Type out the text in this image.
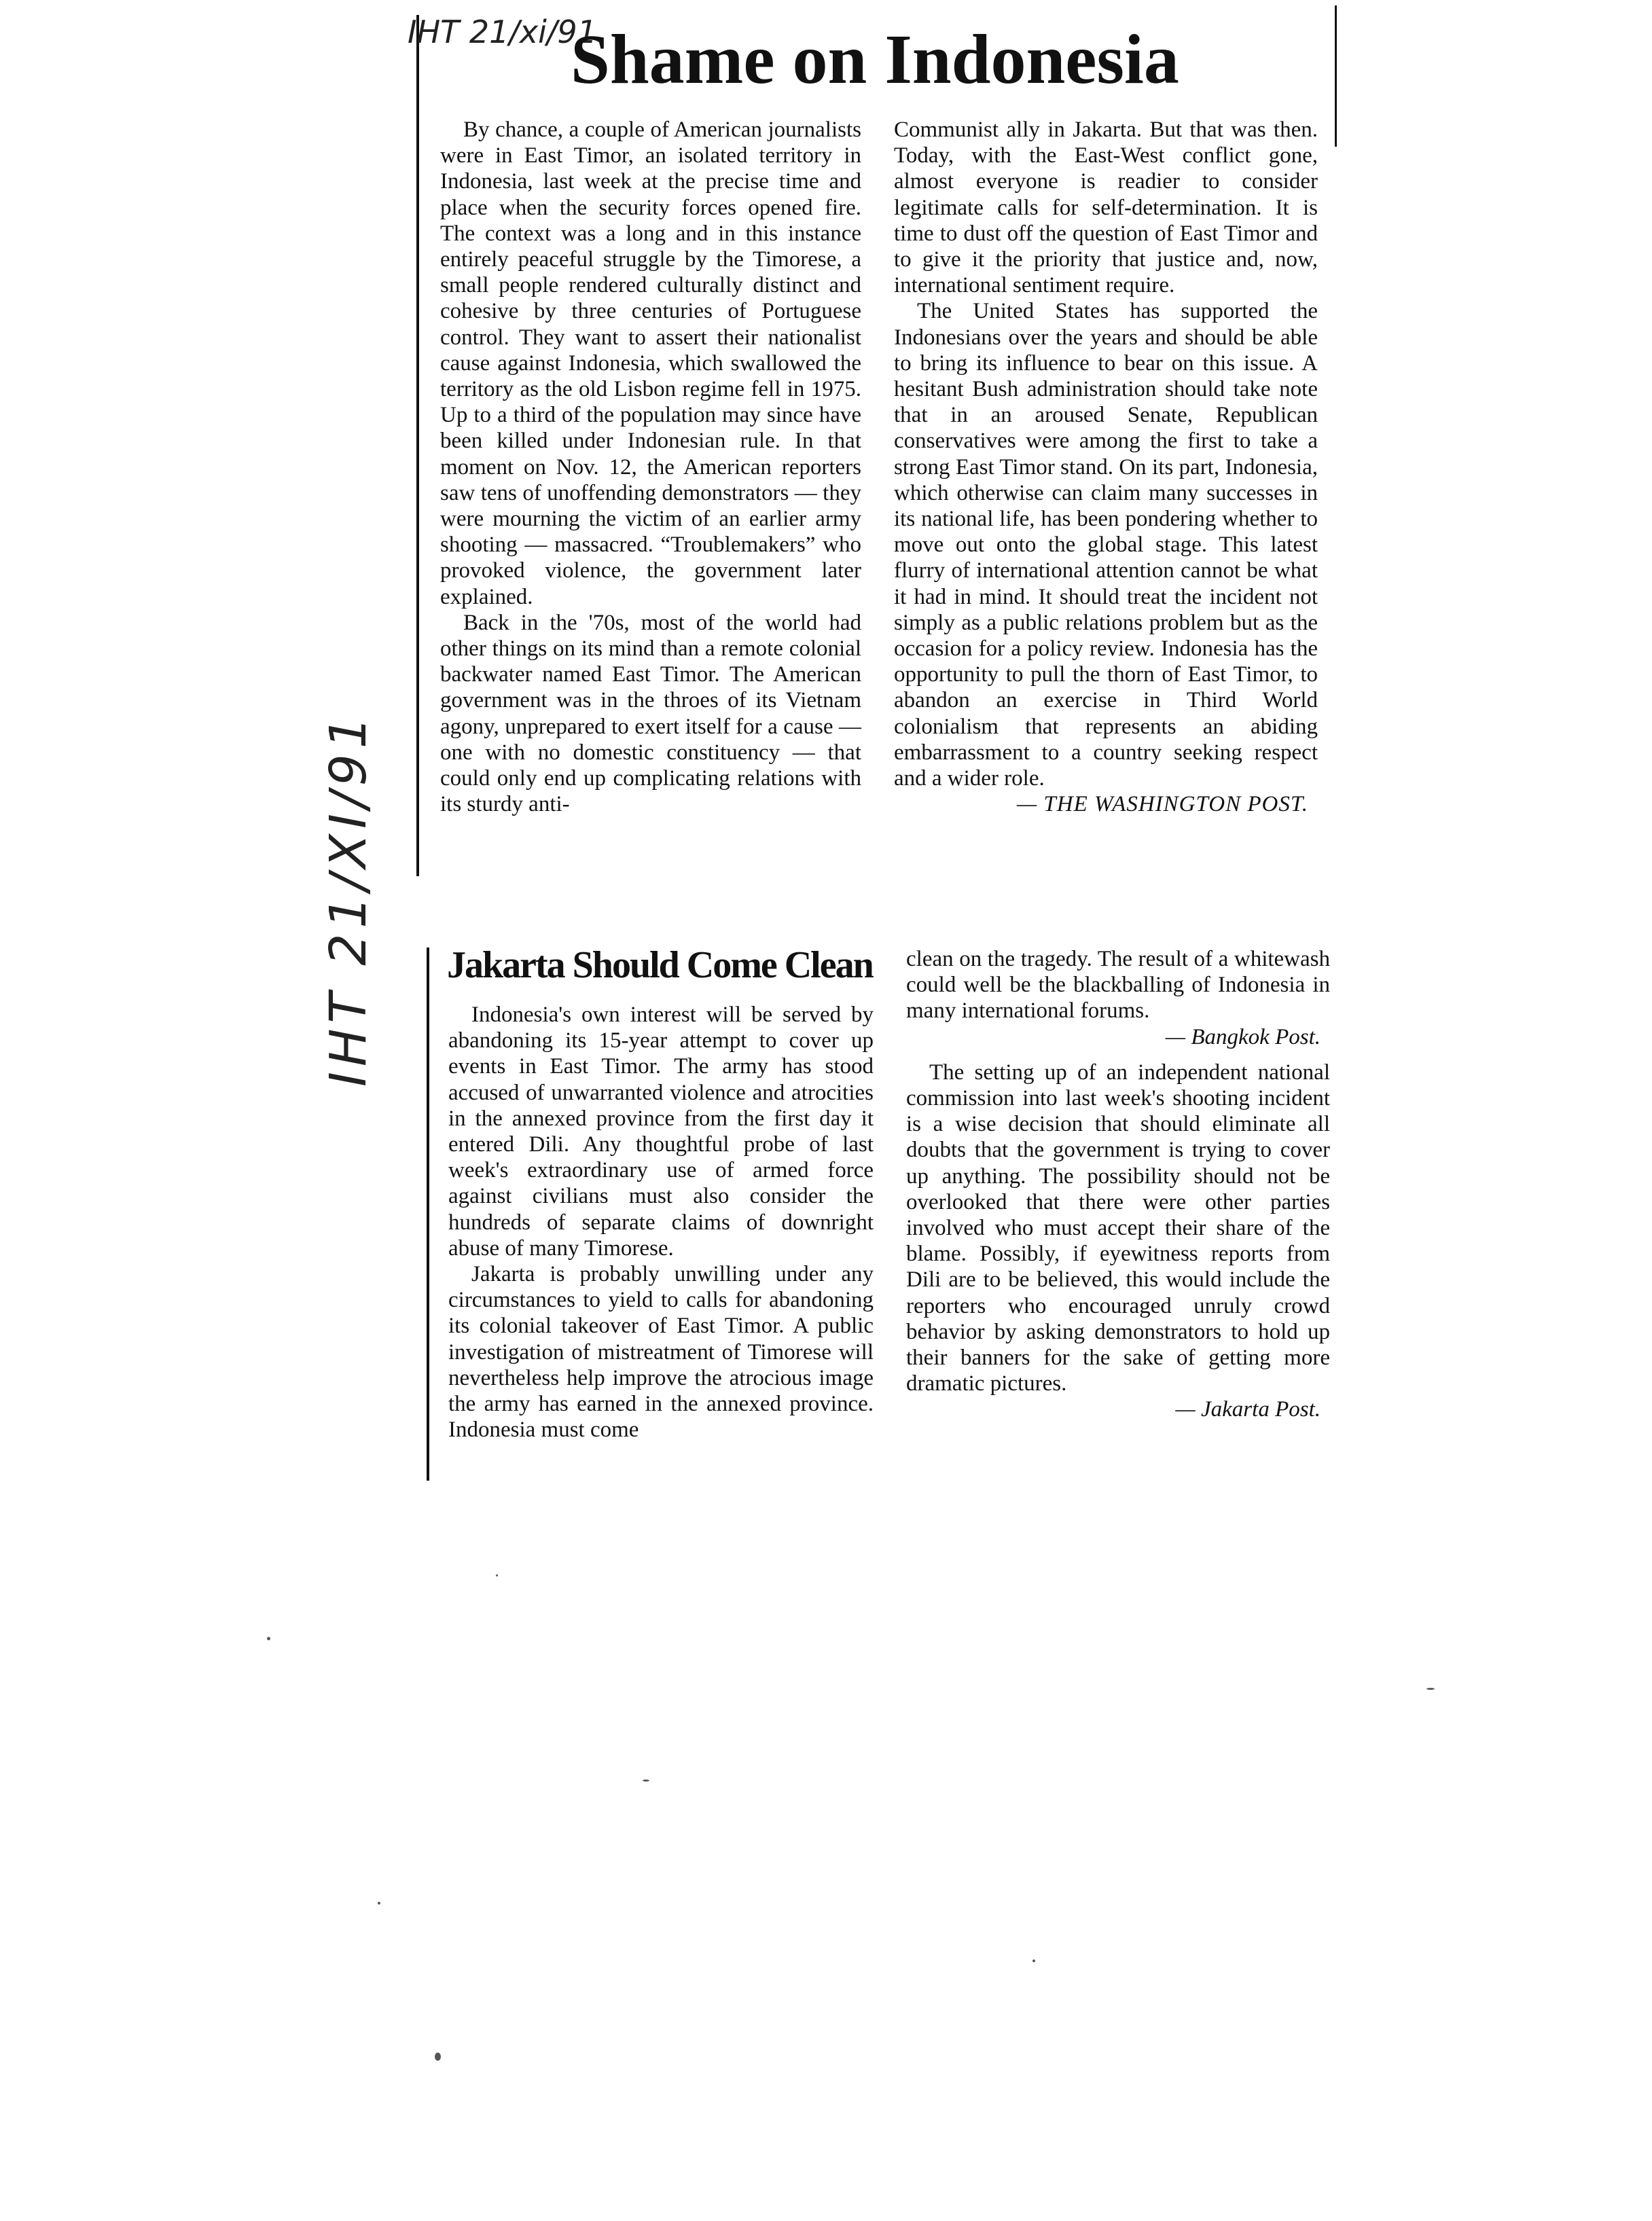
IHT 21/xi/91
Shame on Indonesia

By chance, a couple of American journalists were in East Timor, an isolated territory in Indonesia, last week at the precise time and place when the security forces opened fire. The context was a long and in this instance entirely peaceful struggle by the Timorese, a small people rendered culturally distinct and cohesive by three centuries of Portuguese control. They want to assert their nationalist cause against Indonesia, which swallowed the territory as the old Lisbon regime fell in 1975. Up to a third of the population may since have been killed under Indonesian rule. In that moment on Nov. 12, the American reporters saw tens of unoffending demonstrators — they were mourning the victim of an earlier army shooting — massacred. “Troublemakers” who provoked violence, the government later explained.

Back in the '70s, most of the world had other things on its mind than a remote colonial backwater named East Timor. The American government was in the throes of its Vietnam agony, unprepared to exert itself for a cause — one with no domestic constituency — that could only end up complicating relations with its sturdy anti-

Communist ally in Jakarta. But that was then. Today, with the East-West conflict gone, almost everyone is readier to consider legitimate calls for self-determination. It is time to dust off the question of East Timor and to give it the priority that justice and, now, international sentiment require.

The United States has supported the Indonesians over the years and should be able to bring its influence to bear on this issue. A hesitant Bush administration should take note that in an aroused Senate, Republican conservatives were among the first to take a strong East Timor stand. On its part, Indonesia, which otherwise can claim many successes in its national life, has been pondering whether to move out onto the global stage. This latest flurry of international attention cannot be what it had in mind. It should treat the incident not simply as a public relations problem but as the occasion for a policy review. Indonesia has the opportunity to pull the thorn of East Timor, to abandon an exercise in Third World colonialism that represents an abiding embarrassment to a country seeking respect and a wider role.

— THE WASHINGTON POST.

IHT 21/XI/91 Jakarta Should Come Clean

Indonesia's own interest will be served by abandoning its 15-year attempt to cover up events in East Timor. The army has stood accused of unwarranted violence and atrocities in the annexed province from the first day it entered Dili. Any thoughtful probe of last week's extraordinary use of armed force against civilians must also consider the hundreds of separate claims of downright abuse of many Timorese.

Jakarta is probably unwilling under any circumstances to yield to calls for abandoning its colonial takeover of East Timor. A public investigation of mistreatment of Timorese will nevertheless help improve the atrocious image the army has earned in the annexed province. Indonesia must come

clean on the tragedy. The result of a whitewash could well be the blackballing of Indonesia in many international forums.

— Bangkok Post.

The setting up of an independent national commission into last week's shooting incident is a wise decision that should eliminate all doubts that the government is trying to cover up anything. The possibility should not be overlooked that there were other parties involved who must accept their share of the blame. Possibly, if eyewitness reports from Dili are to be believed, this would include the reporters who encouraged unruly crowd behavior by asking demonstrators to hold up their banners for the sake of getting more dramatic pictures.

— Jakarta Post.
